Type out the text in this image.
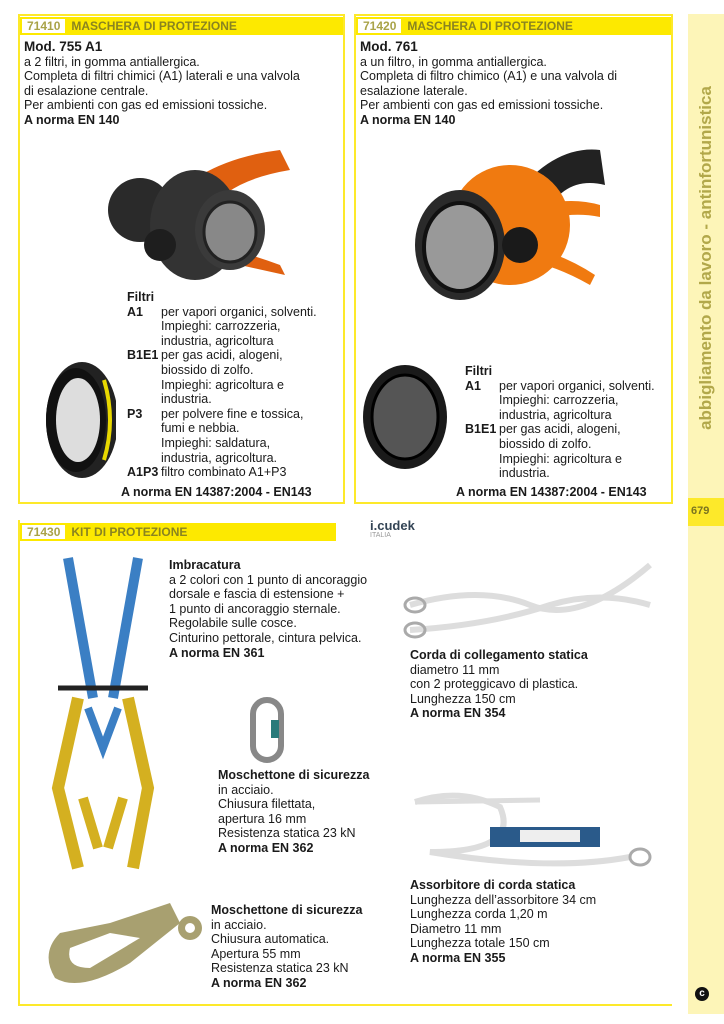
abbigliamento da lavoro - antinfortunistica
679
c
71410 MASCHERA DI PROTEZIONE
Mod. 755 A1
a 2 filtri, in gomma antiallergica.
Completa di filtri chimici (A1) laterali e una valvola
di esalazione centrale.
Per ambienti con gas ed emissioni tossiche.
A norma EN 140
Filtri
A1	per vapori organici, solventi.
Impieghi: carrozzeria,
industria, agricoltura
B1E1 per gas acidi, alogeni,
biossido di zolfo.
Impieghi: agricoltura e
industria.
P3	per polvere fine e tossica,
fumi e nebbia.
Impieghi: saldatura,
industria, agricoltura.
A1P3 filtro combinato A1+P3
A norma EN 14387:2004 - EN143
71420 MASCHERA DI PROTEZIONE
Mod. 761
a un filtro, in gomma antiallergica.
Completa di filtro chimico (A1) e una valvola di
esalazione laterale.
Per ambienti con gas ed emissioni tossiche.
A norma EN 140
Filtri
A1	per vapori organici, solventi.
Impieghi: carrozzeria,
industria, agricoltura
B1E1 per gas acidi, alogeni,
biossido di zolfo.
Impieghi: agricoltura e
industria.
A norma EN 14387:2004 - EN143
71430 KIT DI PROTEZIONE	i.cudek
ITALIA
Imbracatura
a 2 colori con 1 punto di ancoraggio
dorsale e fascia di estensione +
1 punto di ancoraggio sternale.
Regolabile sulle cosce.
Cinturino pettorale, cintura pelvica.
A norma EN 361	Corda di collegamento statica
diametro 11 mm
con 2 proteggicavo di plastica.
Lunghezza 150 cm
A norma EN 354
Moschettone di sicurezza
in acciaio.
Chiusura filettata,
apertura 16 mm
Resistenza statica 23 kN
A norma EN 362
Assorbitore di corda statica
Lunghezza dell’assorbitore 34 cm
Lunghezza corda 1,20 m
Diametro 11 mm
Lunghezza totale 150 cm
A norma EN 355
Moschettone di sicurezza
in acciaio.
Chiusura automatica.
Apertura 55 mm
Resistenza statica 23 kN
A norma EN 362
